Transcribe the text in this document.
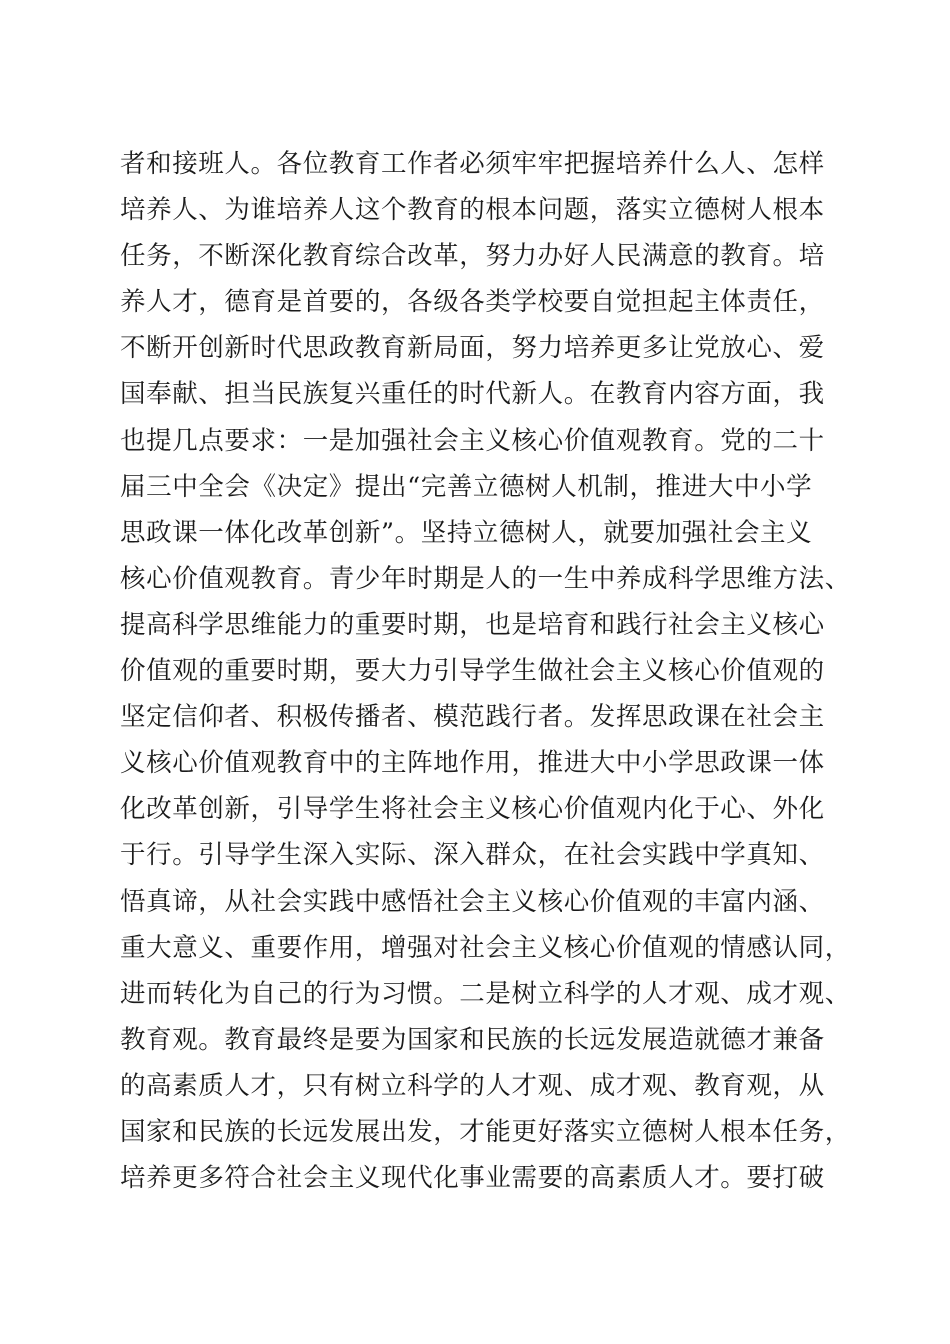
者和接班人。各位教育工作者必须牢牢把握培养什么人、怎样
培养人、为谁培养人这个教育的根本问题，落实立德树人根本
任务，不断深化教育综合改革，努力办好人民满意的教育。培
养人才，德育是首要的，各级各类学校要自觉担起主体责任，
不断开创新时代思政教育新局面，努力培养更多让党放心、爱
国奉献、担当民族复兴重任的时代新人。在教育内容方面，我
也提几点要求：一是加强社会主义核心价值观教育。党的二十
届三中全会《决定》提出“完善立德树人机制，推进大中小学
思政课一体化改革创新”。坚持立德树人，就要加强社会主义
核心价值观教育。青少年时期是人的一生中养成科学思维方法、
提高科学思维能力的重要时期，也是培育和践行社会主义核心
价值观的重要时期，要大力引导学生做社会主义核心价值观的
坚定信仰者、积极传播者、模范践行者。发挥思政课在社会主
义核心价值观教育中的主阵地作用，推进大中小学思政课一体
化改革创新，引导学生将社会主义核心价值观内化于心、外化
于行。引导学生深入实际、深入群众，在社会实践中学真知、
悟真谛，从社会实践中感悟社会主义核心价值观的丰富内涵、
重大意义、重要作用，增强对社会主义核心价值观的情感认同，
进而转化为自己的行为习惯。二是树立科学的人才观、成才观、
教育观。教育最终是要为国家和民族的长远发展造就德才兼备
的高素质人才，只有树立科学的人才观、成才观、教育观，从
国家和民族的长远发展出发，才能更好落实立德树人根本任务，
培养更多符合社会主义现代化事业需要的高素质人才。要打破
